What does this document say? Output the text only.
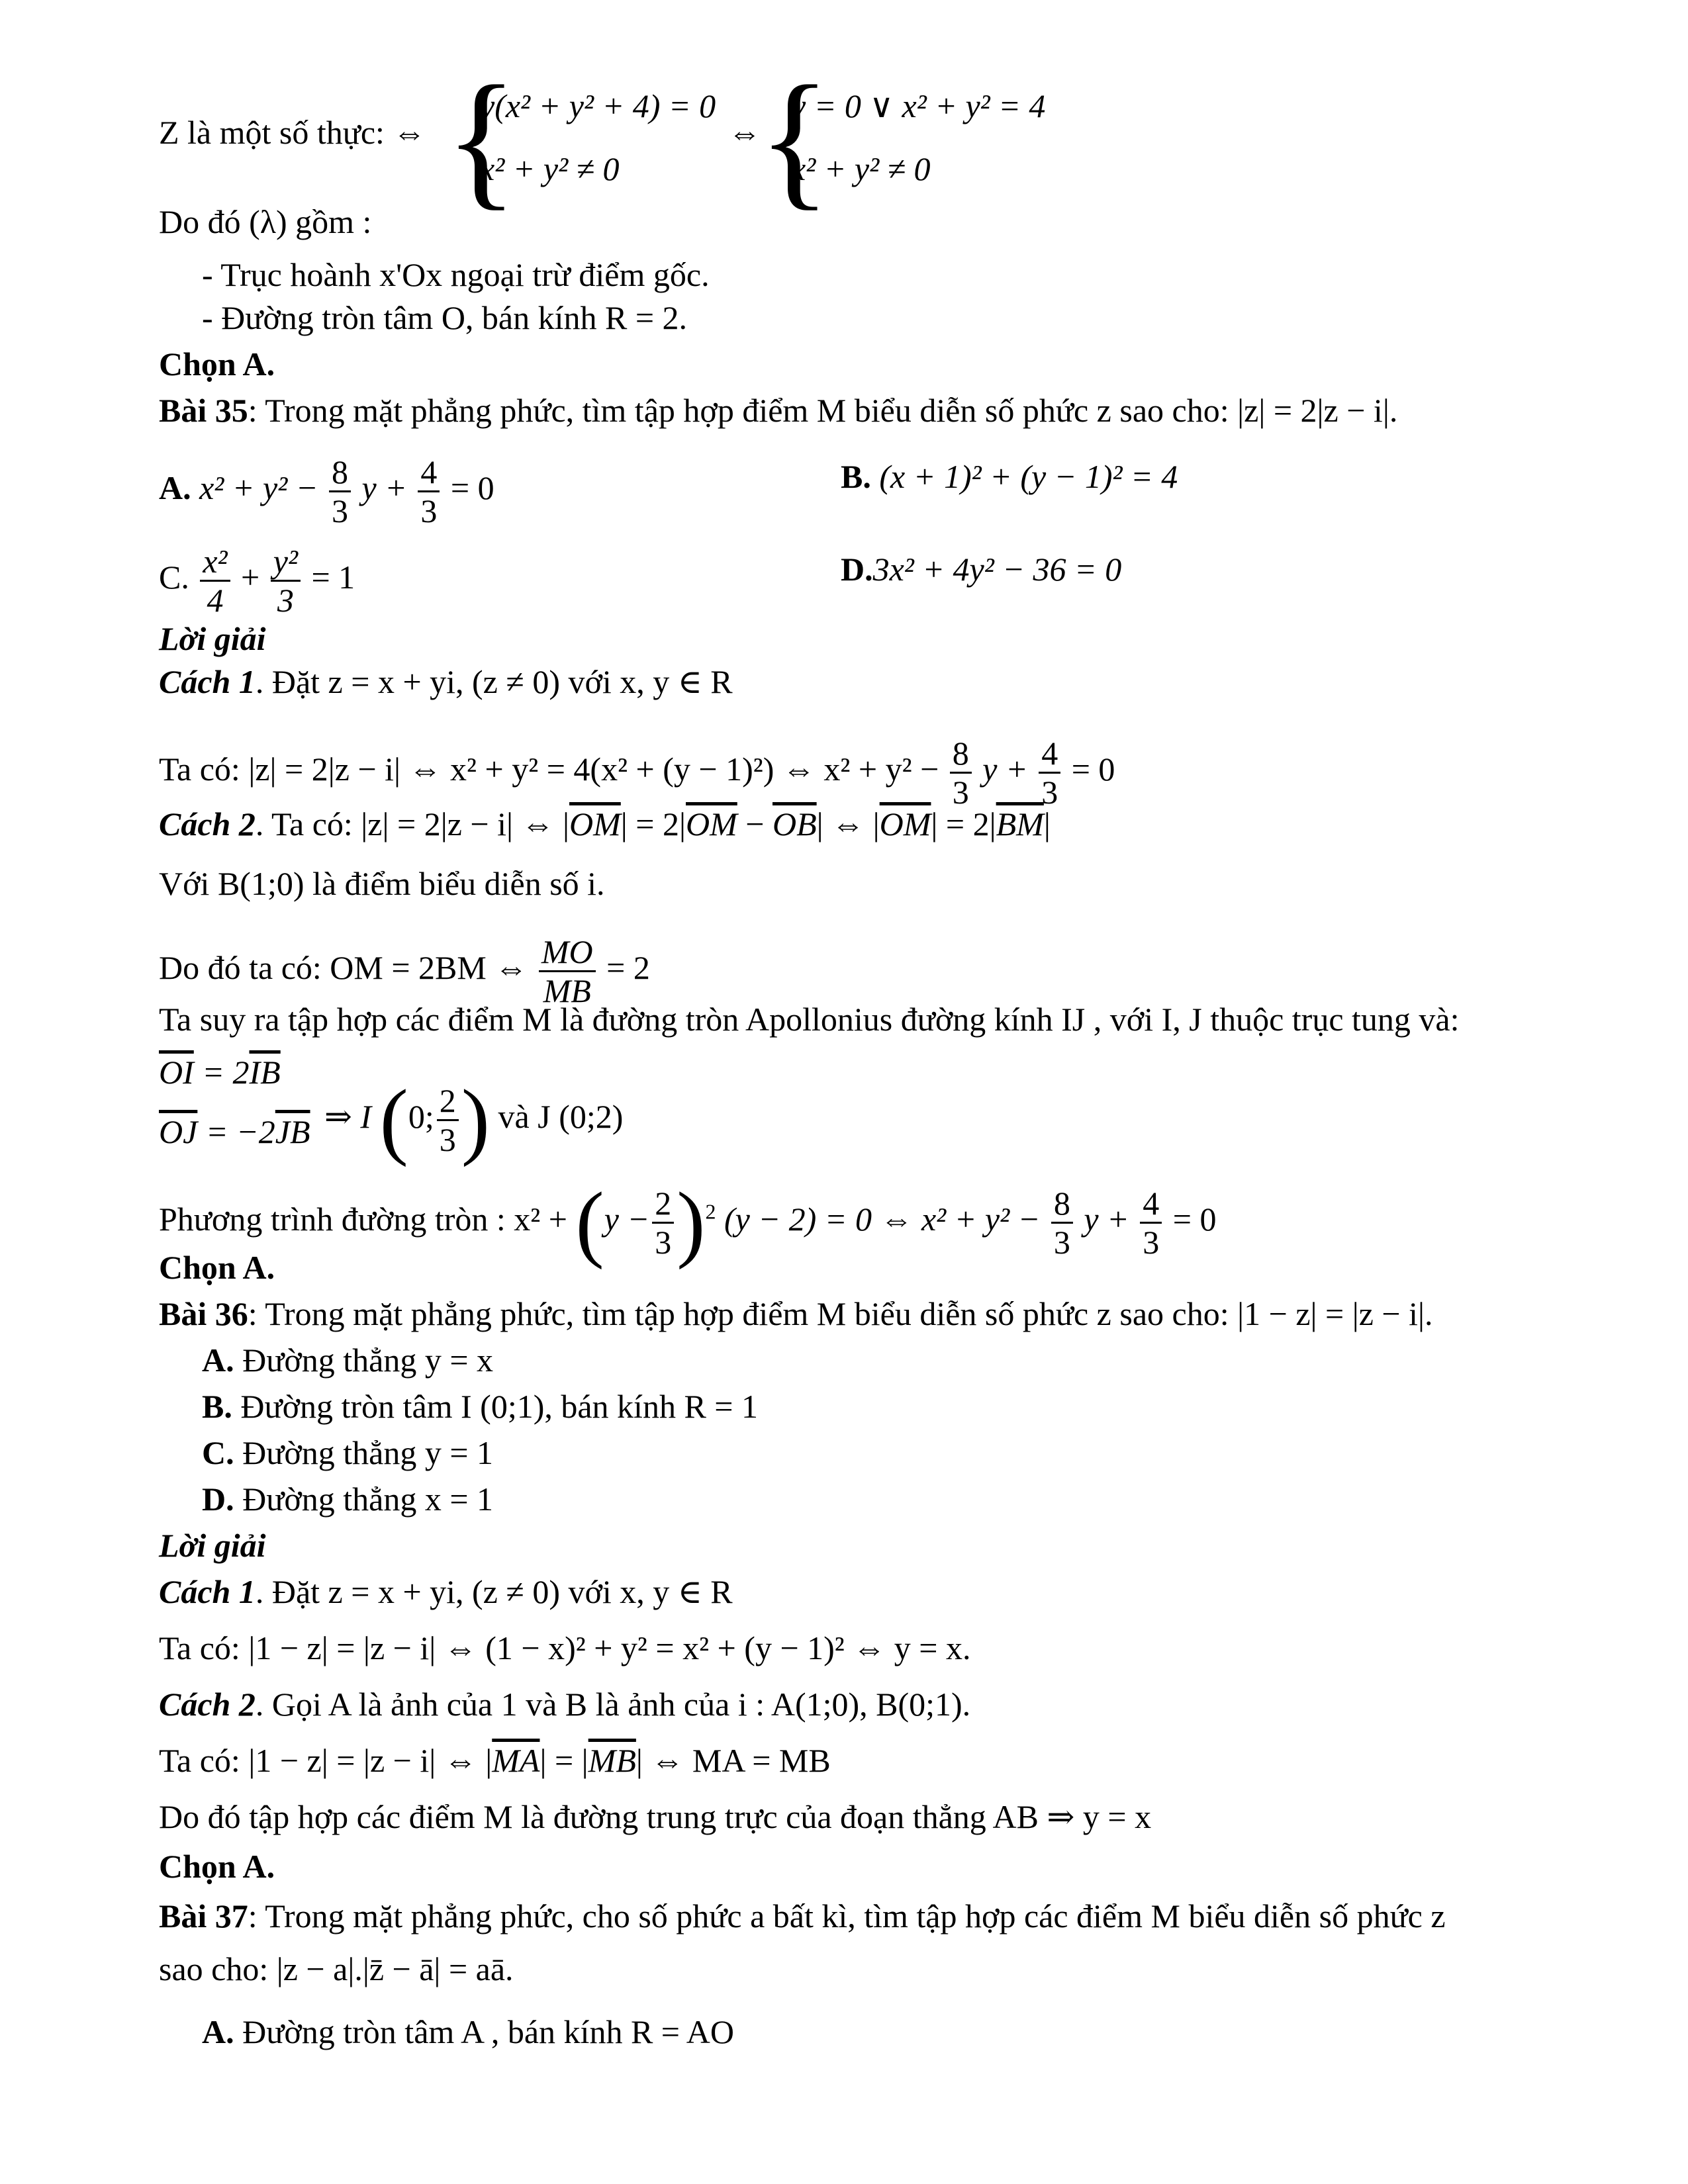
Z là một số thực: ⇔ {
y(x² + y² + 4) = 0
x² + y² ≠ 0
⇔
{
y = 0 ∨ x² + y² = 4
x² + y² ≠ 0
Do đó (λ) gồm :
- Trục hoành x'Ox ngoại trừ điểm gốc.
- Đường tròn tâm O, bán kính R = 2.
Chọn A.
Bài 35: Trong mặt phẳng phức, tìm tập hợp điểm M biểu diễn số phức z sao cho: |z| = 2|z − i|.
A. $x^2 + y^2 - \frac{8}{3}$ $y + \frac{4}{3} = 0$	B. (x + 1)² + (y − 1)² = 4
C. $\frac{\text{x²}}{4} + \frac{\text{y²}}{3} = 1$	D.3x² + 4y² − 36 = 0
Lời giải
Cách 1. Đặt z = x + yi, (z ≠ 0) với x, y ∈ R
Ta có: |z| = 2|z − i| ⇔ x² + y² = 4(x² + (y − 1)²) ⇔ $x^2 + y^2 - \frac{8}{3}$ $y + \frac{4}{3} = 0$
Cách 2. Ta có: |z| = 2|z − i| ⇔ $|\overline{OM}| = 2|\overline{OM} - \overline{OB}|$ ⇔ $|\overline{OM}| = 2|\overline{BM}|$
Với B(1;0) là điểm biểu diễn số i.
Do đó ta có: OM = 2BM ⇔ $\frac{MO}{MB} = 2$
Ta suy ra tập hợp các điểm M là đường tròn Apollonius đường kính IJ , với I, J thuộc trục tung và:
$\overline{OI} = 2\overline{IB}$
$\overline{OJ} = -2\overline{JB}$ ⇒ I (0; $\frac{2}{3}$ ) và J (0;2)
Phương trình đường tròn : $x^2 + (y - \frac{2}{3} )^2$ (y − 2) = 0 ⇔ $x^2 + y^2 - \frac{8}{3}$ $y + \frac{4}{3} = 0$
Chọn A.
Bài 36: Trong mặt phẳng phức, tìm tập hợp điểm M biểu diễn số phức z sao cho: |1 − z| = |z − i|.
A. Đường thẳng y = x
B. Đường tròn tâm I (0;1), bán kính R = 1
C. Đường thẳng y = 1
D. Đường thẳng x = 1
Lời giải
Cách 1. Đặt z = x + yi, (z ≠ 0) với x, y ∈ R
Ta có: |1 − z| = |z − i| ⇔ (1 − x)² + y² = x² + (y − 1)² ⇔ y = x.
Cách 2. Gọi A là ảnh của 1 và B là ảnh của i : A(1;0), B(0;1).
Ta có: |1 − z| = |z − i| ⇔ $|\overline{MA}| = |\overline{MB}|$ ⇔ MA = MB
Do đó tập hợp các điểm M là đường trung trực của đoạn thẳng AB ⇒ y = x
Chọn A.
Bài 37: Trong mặt phẳng phức, cho số phức a bất kì, tìm tập hợp các điểm M biểu diễn số phức z
sao cho: |z − a|.|z̄ − ā| = aā.
A. Đường tròn tâm A , bán kính R = AO
